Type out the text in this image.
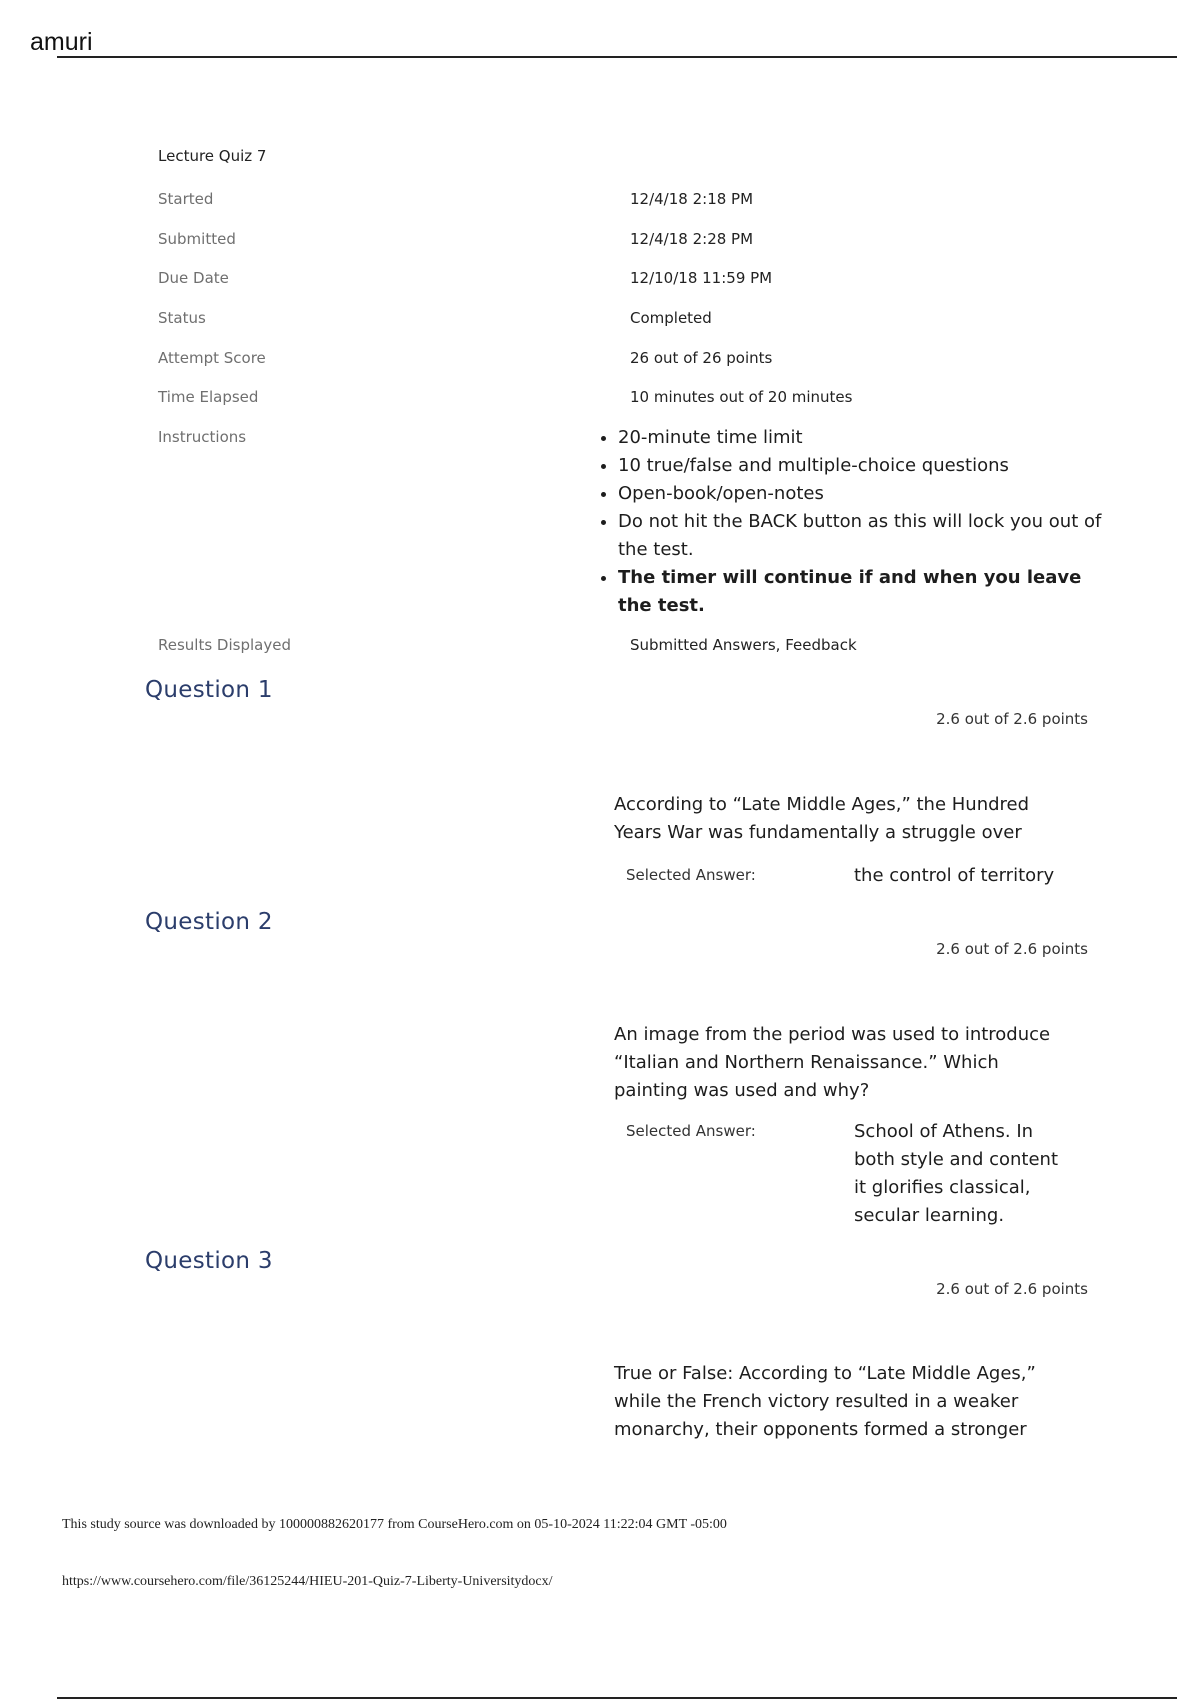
amuri
Lecture Quiz 7
Started	12/4/18 2:18 PM
Submitted	12/4/18 2:28 PM
Due Date	12/10/18 11:59 PM
Status	Completed
Attempt Score	26 out of 26 points
Time Elapsed	10 minutes out of 20 minutes
Instructions
•	20-minute time limit
• 10 true/false and multiple-choice questions
• Open-book/open-notes
• Do not hit the BACK button as this will lock you out of the test.
• The timer will continue if and when you leave the test.
Results Displayed	Submitted Answers, Feedback
Question 1
2.6 out of 2.6 points
According to “Late Middle Ages,” the Hundred Years War was fundamentally a struggle over
Selected Answer:	the control of territory
Question 2
2.6 out of 2.6 points
An image from the period was used to introduce “Italian and Northern Renaissance.” Which painting was used and why?
Selected Answer:	School of Athens. In both style and content it glorifies classical, secular learning.
Question 3
2.6 out of 2.6 points
True or False: According to “Late Middle Ages,” while the French victory resulted in a weaker monarchy, their opponents formed a stronger
This study source was downloaded by 100000882620177 from CourseHero.com on 05-10-2024 11:22:04 GMT -05:00
https://www.coursehero.com/file/36125244/HIEU-201-Quiz-7-Liberty-Universitydocx/
